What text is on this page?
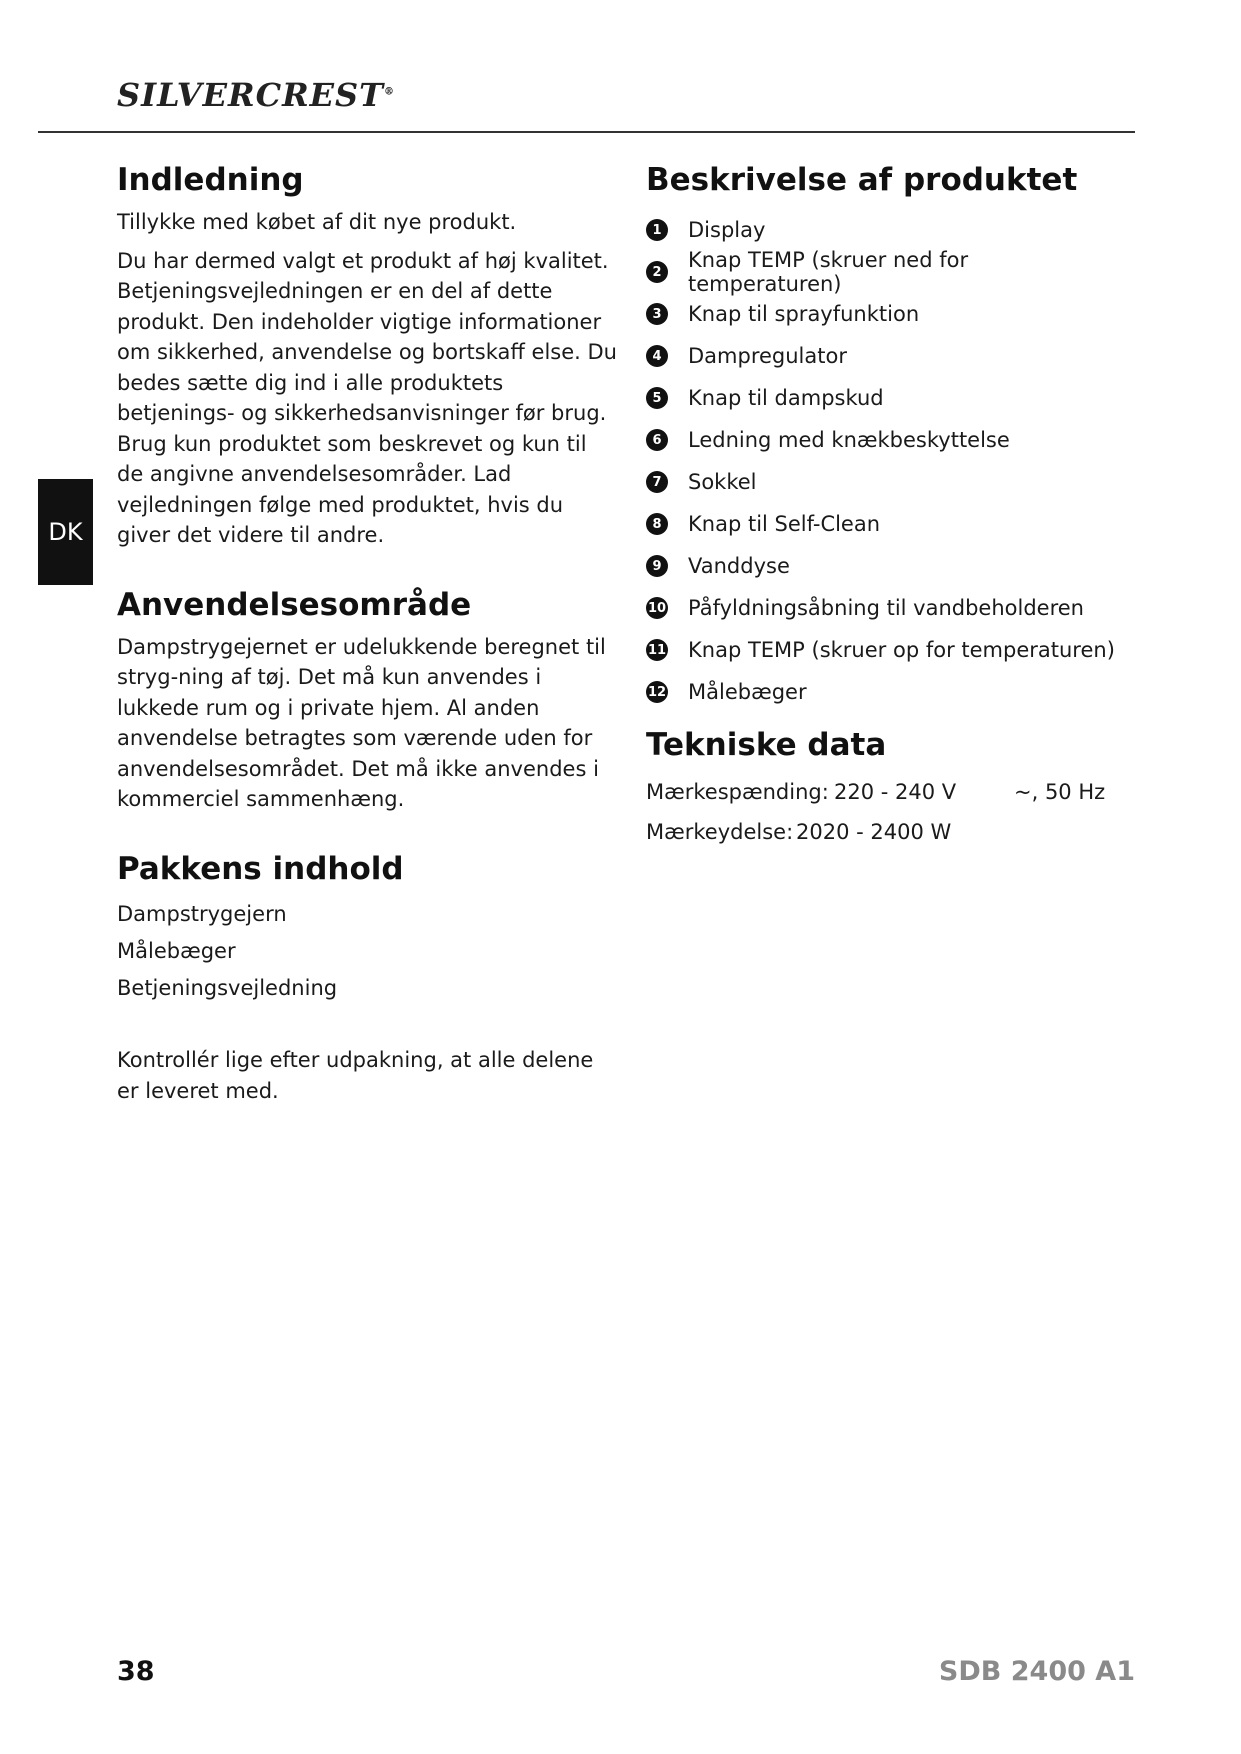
SILVERCREST®
DK
Indledning

Tillykke med købet af dit nye produkt.

Du har dermed valgt et produkt af høj kvalitet. Betjeningsvejledningen er en del af dette produkt. Den indeholder vigtige informationer om sikkerhed, anvendelse og bortskaff else. Du bedes sætte dig ind i alle produktets betjenings- og sikkerhedsanvisninger før brug. Brug kun produktet som beskrevet og kun til de angivne anvendelsesområder. Lad vejledningen følge med produktet, hvis du giver det videre til andre.

Anvendelsesområde

Dampstrygejernet er udelukkende beregnet til stryg-ning af tøj. Det må kun anvendes i lukkede rum og i private hjem. Al anden anvendelse betragtes som værende uden for anvendelsesområdet. Det må ikke anvendes i kommerciel sammenhæng.

Pakkens indhold
Dampstrygejern
Målebæger
Betjeningsvejledning

Kontrollér lige efter udpakning, at alle delene er leveret med.

Beskrivelse af produktet
1	Display
2	Knap TEMP (skruer ned for temperaturen)
3	Knap til sprayfunktion
4	Dampregulator
5	Knap til dampskud
6	Ledning med knækbeskyttelse
7	Sokkel
8	Knap til Self-Clean
9	Vanddyse
10 Påfyldningsåbning til vandbeholderen
11 Knap TEMP (skruer op for temperaturen)
12 Målebæger
Tekniske data
Mærkespænding: 220 - 240 V	~, 50 Hz
Mærkeydelse: 2020 - 2400 W
38	SDB 2400 A1
